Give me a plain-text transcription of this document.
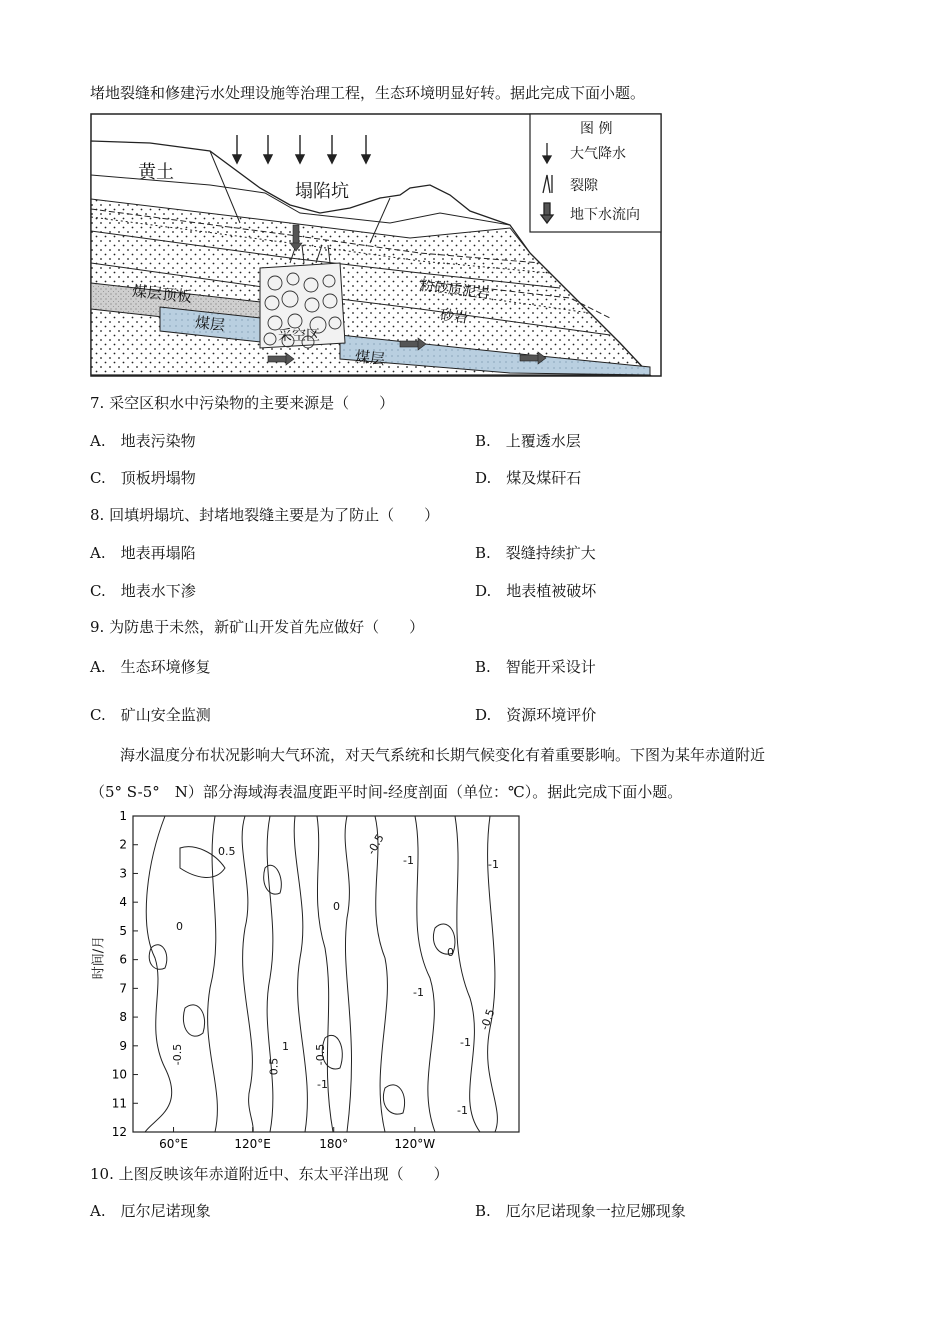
堵地裂缝和修建污水处理设施等治理工程，生态环境明显好转。据此完成下面小题。
图 例
大气降水
裂隙
地下水流向
黄土
塌陷坑
煤层顶板
煤层
采空区
煤层
粉砂质泥岩
砂岩
7. 采空区积水中污染物的主要来源是（　　）
A.  地表污染物	B.  上覆透水层
C.  顶板坍塌物	D.  煤及煤矸石
8. 回填坍塌坑、封堵地裂缝主要是为了防止（　　）
A.  地表再塌陷	B.  裂缝持续扩大
C.  地表水下渗	D.  地表植被破坏
9. 为防患于未然，新矿山开发首先应做好（　　）
A.  生态环境修复	B.  智能开采设计
C.  矿山安全监测	D.  资源环境评价
海水温度分布状况影响大气环流，对天气系统和长期气候变化有着重要影响。下图为某年赤道附近
（5° S-5°　N）部分海域海表温度距平时间-经度剖面（单位：℃）。据此完成下面小题。
1
2
3
4
5
6
7
8
9
10
11
12
60°E	120°E	180°	120°W
时间/月
0.5
0
-0.5
-1
0
-1
-0.5
-1
-1
-1
0
-0.5	1
0.5
-0.5
-1
10. 上图反映该年赤道附近中、东太平洋出现（　　）
A.  厄尔尼诺现象	B.  厄尔尼诺现象一拉尼娜现象
